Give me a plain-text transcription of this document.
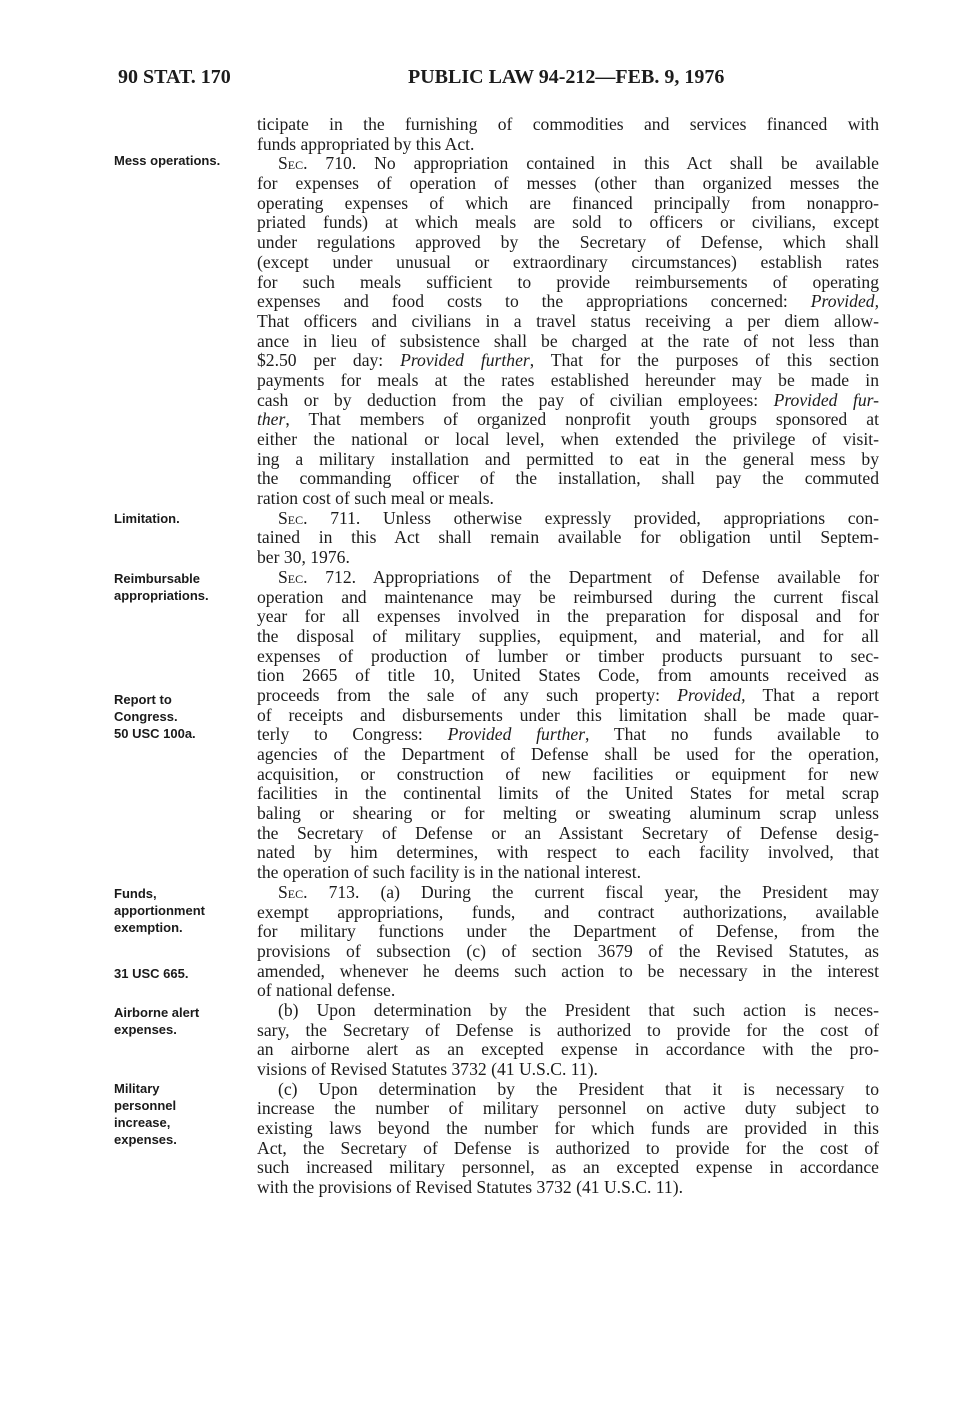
90 STAT. 170	PUBLIC LAW 94-212—FEB. 9, 1976
Mess operations.
Limitation.
Reimbursable
appropriations.
Report to
Congress.
50 USC 100a.
Funds,
apportionment
exemption.
31 USC 665.
Airborne alert
expenses.
Military
personnel
increase,
expenses.
ticipate in the furnishing of commodities and services financed with
funds appropriated by this Act.
Sec. 710. No appropriation contained in this Act shall be available
for expenses of operation of messes (other than organized messes the
operating expenses of which are financed principally from nonappro-
priated funds) at which meals are sold to officers or civilians, except
under regulations approved by the Secretary of Defense, which shall
(except under unusual or extraordinary circumstances) establish rates
for such meals sufficient to provide reimbursements of operating
expenses and food costs to the appropriations concerned: Provided,
That officers and civilians in a travel status receiving a per diem allow-
ance in lieu of subsistence shall be charged at the rate of not less than
$2.50 per day: Provided further, That for the purposes of this section
payments for meals at the rates established hereunder may be made in
cash or by deduction from the pay of civilian employees: Provided fur-
ther, That members of organized nonprofit youth groups sponsored at
either the national or local level, when extended the privilege of visit-
ing a military installation and permitted to eat in the general mess by
the commanding officer of the installation, shall pay the commuted
ration cost of such meal or meals.
Sec. 711. Unless otherwise expressly provided, appropriations con-
tained in this Act shall remain available for obligation until Septem-
ber 30, 1976.
Sec. 712. Appropriations of the Department of Defense available for
operation and maintenance may be reimbursed during the current fiscal
year for all expenses involved in the preparation for disposal and for
the disposal of military supplies, equipment, and material, and for all
expenses of production of lumber or timber products pursuant to sec-
tion 2665 of title 10, United States Code, from amounts received as
proceeds from the sale of any such property: Provided, That a report
of receipts and disbursements under this limitation shall be made quar-
terly to Congress: Provided further, That no funds available to
agencies of the Department of Defense shall be used for the operation,
acquisition, or construction of new facilities or equipment for new
facilities in the continental limits of the United States for metal scrap
baling or shearing or for melting or sweating aluminum scrap unless
the Secretary of Defense or an Assistant Secretary of Defense desig-
nated by him determines, with respect to each facility involved, that
the operation of such facility is in the national interest.
Sec. 713. (a) During the current fiscal year, the President may
exempt appropriations, funds, and contract authorizations, available
for military functions under the Department of Defense, from the
provisions of subsection (c) of section 3679 of the Revised Statutes, as
amended, whenever he deems such action to be necessary in the interest
of national defense.
(b) Upon determination by the President that such action is neces-
sary, the Secretary of Defense is authorized to provide for the cost of
an airborne alert as an excepted expense in accordance with the pro-
visions of Revised Statutes 3732 (41 U.S.C. 11).
(c) Upon determination by the President that it is necessary to
increase the number of military personnel on active duty subject to
existing laws beyond the number for which funds are provided in this
Act, the Secretary of Defense is authorized to provide for the cost of
such increased military personnel, as an excepted expense in accordance
with the provisions of Revised Statutes 3732 (41 U.S.C. 11).
